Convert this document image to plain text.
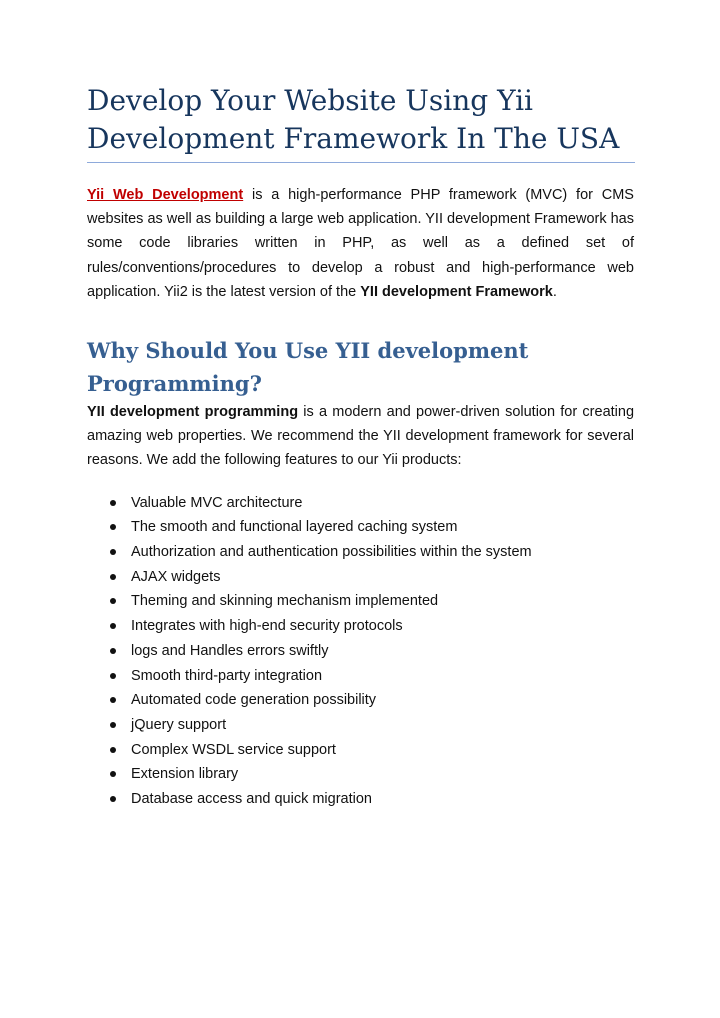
Develop Your Website Using Yii
Development Framework In The USA

Yii Web Development is a high-performance PHP framework (MVC) for CMS websites as well as building a large web application. YII development Framework has some code libraries written in PHP, as well as a defined set of rules/conventions/procedures to develop a robust and high-performance web application. Yii2 is the latest version of the YII development Framework.

Why Should You Use YII development
Programming?

YII development programming is a modern and power-driven solution for creating amazing web properties. We recommend the YII development framework for several reasons. We add the following features to our Yii products:

Valuable MVC architecture
The smooth and functional layered caching system
Authorization and authentication possibilities within the system
AJAX widgets
Theming and skinning mechanism implemented
Integrates with high-end security protocols
logs and Handles errors swiftly
Smooth third-party integration
Automated code generation possibility
jQuery support
Complex WSDL service support
Extension library
Database access and quick migration
